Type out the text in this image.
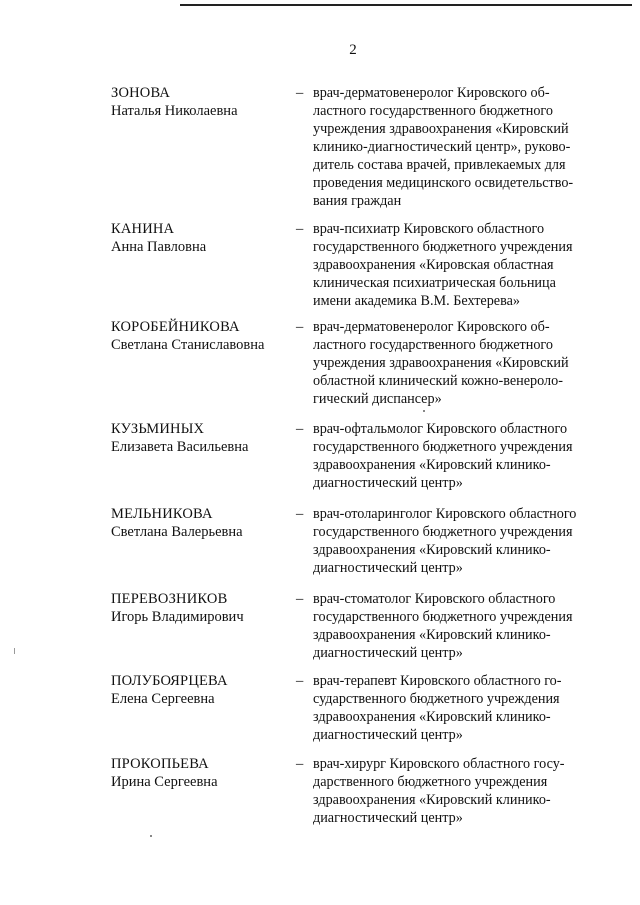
2
ЗОНОВА
Наталья Николаевна
– врач-дерматовенеролог Кировского об-
ластного государственного бюджетного
учреждения здравоохранения «Кировский
клинико-диагностический центр», руково-
дитель состава врачей, привлекаемых для
проведения медицинского освидетельство-
вания граждан
КАНИНА
Анна Павловна
– врач-психиатр Кировского областного
государственного бюджетного учреждения
здравоохранения «Кировская областная
клиническая психиатрическая больница
имени академика В.М. Бехтерева»
КОРОБЕЙНИКОВА
Светлана Станиславовна
– врач-дерматовенеролог Кировского об-
ластного государственного бюджетного
учреждения здравоохранения «Кировский
областной клинический кожно-венероло-
гический диспансер»
КУЗЬМИНЫХ
Елизавета Васильевна
– врач-офтальмолог Кировского областного
государственного бюджетного учреждения
здравоохранения «Кировский клинико-
диагностический центр»
МЕЛЬНИКОВА
Светлана Валерьевна
– врач-отоларинголог Кировского областного
государственного бюджетного учреждения
здравоохранения «Кировский клинико-
диагностический центр»
ПЕРЕВОЗНИКОВ
Игорь Владимирович
– врач-стоматолог Кировского областного
государственного бюджетного учреждения
здравоохранения «Кировский клинико-
диагностический центр»
ПОЛУБОЯРЦЕВА
Елена Сергеевна
– врач-терапевт Кировского областного го-
сударственного бюджетного учреждения
здравоохранения «Кировский клинико-
диагностический центр»
ПРОКОПЬЕВА
Ирина Сергеевна
– врач-хирург Кировского областного госу-
дарственного бюджетного учреждения
здравоохранения «Кировский клинико-
диагностический центр»
